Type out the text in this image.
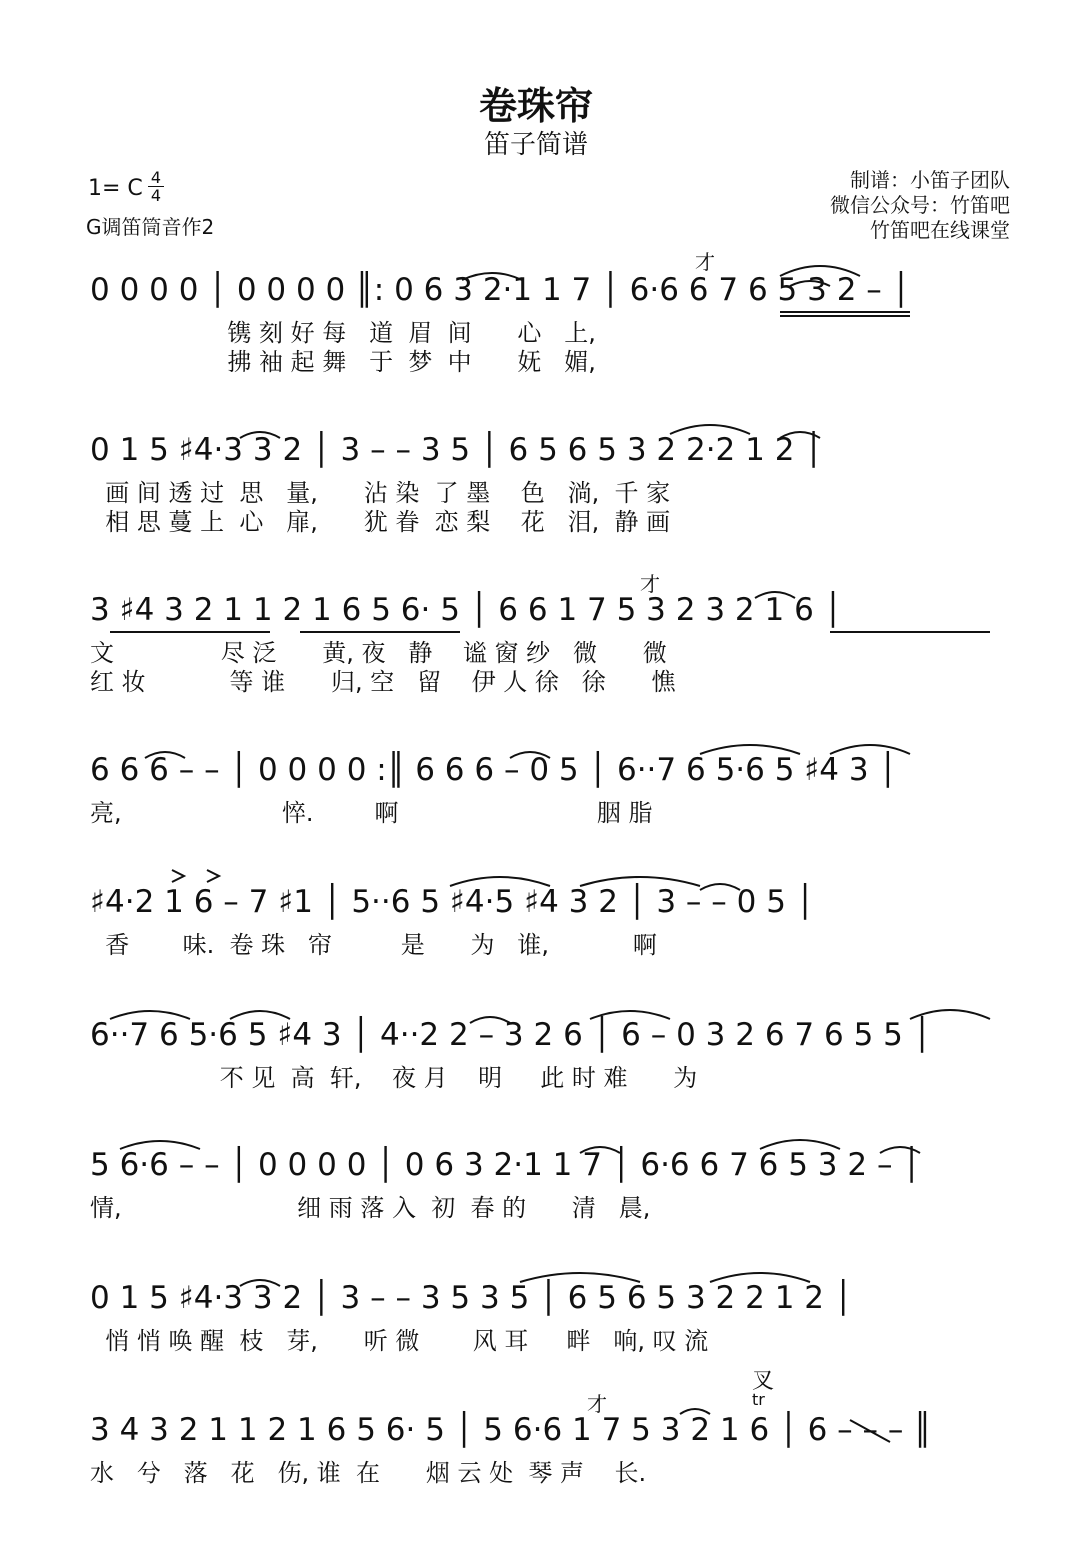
卷珠帘
笛子简谱
1= C 4
4
G调笛筒音作2
制谱：小笛子团队
微信公众号：竹笛吧
竹笛吧在线课堂
才
0 0 0 0 │ 0 0 0 0 ║: 0 6 3 2·1 1 7 │ 6·6 6 7 6 5 3 2 – │
镌 刻 好 每   道  眉  间      心   上,
拂 袖 起 舞   于  梦  中      妩   媚,
0 1 5 ♯4·3 3 2 │ 3 – – 3 5 │ 6 5 6 5 3 2 2·2 1 2 │
画 间 透 过  思   量,      沾 染  了 墨    色   淌,  千 家
相 思 蔓 上  心   扉,      犹 眷  恋 梨    花   泪,  静 画
才
3 ♯4 3 2 1 1 2 1 6 5 6· 5 │ 6 6 1 7 5 3 2 3 2 1 6 │
文              尽 泛      黄, 夜   静    谧 窗 纱   微      微
红 妆           等 谁      归, 空   留    伊 人 徐   徐      憔
6 6 6 – – │ 0 0 0 0 :║ 6 6 6 – 0 5 │ 6··7 6 5·6 5 ♯4 3 │
亮,                     悴.        啊                          胭 脂
♯4·2 1 6 – 7 ♯1 │ 5··6 5 ♯4·5 ♯4 3 2 │ 3 – – 0 5 │
香       味.  卷 珠   帘         是      为   谁,           啊
6··7 6 5·6 5 ♯4 3 │ 4··2 2 – 3 2 6 │ 6 – 0 3 2 6 7 6 5 5 │
不 见  高  轩,    夜 月    明     此 时 难      为
5 6·6 – – │ 0 0 0 0 │ 0 6 3 2·1 1 7 │ 6·6 6 7 6 5 3 2 – │
情,                       细 雨 落 入  初  春 的      清   晨,
0 1 5 ♯4·3 3 2 │ 3 – – 3 5 3 5 │ 6 5 6 5 3 2 2 1 2 │
悄 悄 唤 醒  枝   芽,      听 微       风 耳     畔   响, 叹 流
才
叉
tr
3 4 3 2 1 1 2 1 6 5 6· 5 │ 5 6·6 1 7 5 3 2 1 6 │ 6 – – – ║
水   兮   落   花   伤, 谁  在      烟 云 处  琴 声    长.
